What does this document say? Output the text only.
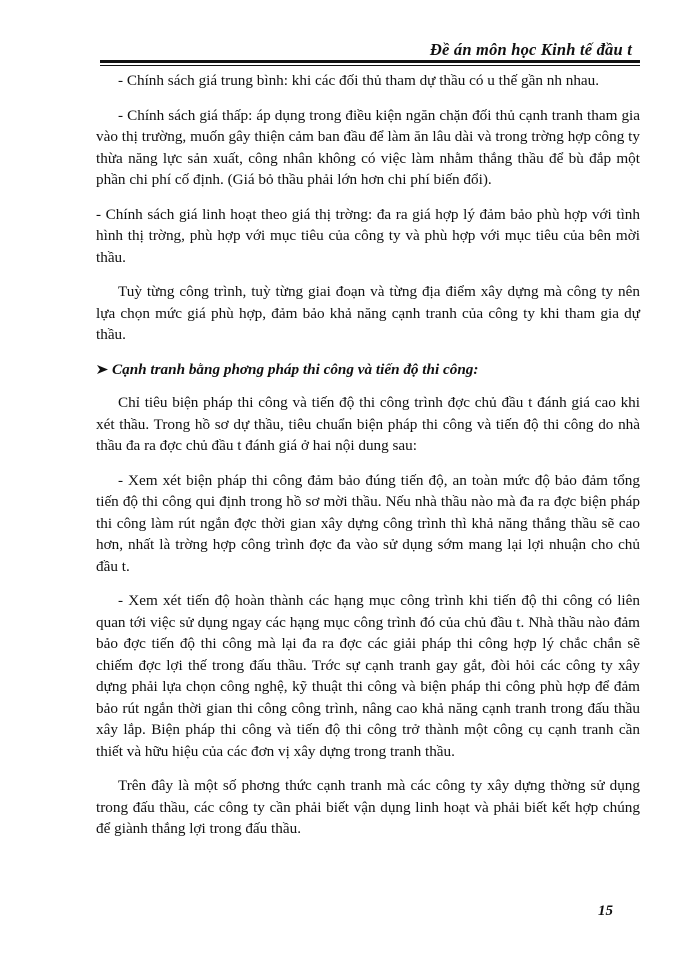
Đề án môn học Kinh tế đầu t

- Chính sách giá trung bình: khi các đối thủ tham dự thầu có u thế gần nh nhau.

- Chính sách giá thấp: áp dụng trong điều kiện ngăn chặn đối thủ cạnh tranh tham gia vào thị trường, muốn gây thiện cảm ban đầu để làm ăn lâu dài và trong trờng hợp công ty thừa năng lực sản xuất, công nhân không có việc làm nhằm thắng thầu để bù đắp một phần chi phí cố định. (Giá bỏ thầu phải lớn hơn chi phí biến đổi).

- Chính sách giá linh hoạt theo giá thị trờng: đa ra giá hợp lý đảm bảo phù hợp với tình hình thị trờng, phù hợp với mục tiêu của công ty và phù hợp với mục tiêu của bên mời thầu.

Tuỳ từng công trình, tuỳ từng giai đoạn và từng địa điểm xây dựng mà công ty nên lựa chọn mức giá phù hợp, đảm bảo khả năng cạnh tranh của công ty khi tham gia dự thầu.

Cạnh tranh bằng phơng pháp thi công và tiến độ thi công:

Chỉ tiêu biện pháp thi công và tiến độ thi công trình đợc chủ đầu t đánh giá cao khi xét thầu. Trong hồ sơ dự thầu, tiêu chuẩn biện pháp thi công và tiến độ thi công do nhà thầu đa ra đợc chủ đầu t đánh giá ở hai nội dung sau:

- Xem xét biện pháp thi công đảm bảo đúng tiến độ, an toàn mức độ bảo đảm tổng tiến độ thi công qui định trong hồ sơ mời thầu. Nếu nhà thầu nào mà đa ra đợc biện pháp thi công làm rút ngắn đợc thời gian xây dựng công trình thì khả năng thắng thầu sẽ cao hơn, nhất là trờng hợp công trình đợc đa vào sử dụng sớm mang lại lợi nhuận cho chủ đầu t.

- Xem xét tiến độ hoàn thành các hạng mục công trình khi tiến độ thi công có liên quan tới việc sử dụng ngay các hạng mục công trình đó của chủ đầu t. Nhà thầu nào đảm bảo đợc tiến độ thi công mà lại đa ra đợc các giải pháp thi công hợp lý chắc chắn sẽ chiếm đợc lợi thế trong đấu thầu. Trớc sự cạnh tranh gay gắt, đòi hỏi các công ty xây dựng phải lựa chọn công nghệ, kỹ thuật thi công và biện pháp thi công phù hợp để đảm bảo rút ngắn thời gian thi công công trình, nâng cao khả năng cạnh tranh trong đấu thầu xây lắp. Biện pháp thi công và tiến độ thi công trở thành một công cụ cạnh tranh cần thiết và hữu hiệu của các đơn vị xây dựng trong tranh thầu.

Trên đây là một số phơng thức cạnh tranh mà các công ty xây dựng thờng sử dụng trong đấu thầu, các công ty cần phải biết vận dụng linh hoạt và phải biết kết hợp chúng để giành thắng lợi trong đấu thầu.

15
